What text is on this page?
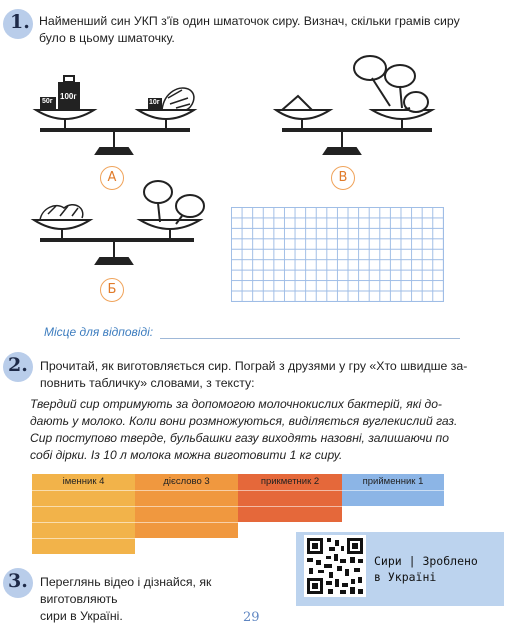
1. Найменший син УКП з'їв один шматочок сиру. Визнач, скільки грамів сиру
було в цьому шматочку.
50г
100г
10г
А	В
Б
Місце для відповіді:
2. Прочитай, як виготовляється сир. Пограй з друзями у гру «Хто швидше за-
повнить табличку» словами, з тексту:
Твердий сир отримують за допомогою молочнокислих бактерій, які до-
дають у молоко. Коли вони розмножуються, виділяється вуглекислий газ.
Сир поступово тверде, бульбашки газу виходять назовні, залишаючи по
собі дірки. Із 10 л молока можна виготовити 1 кг сиру.
іменник 4	дієслово 3	прикметник 2	прийменник 1
3. Переглянь відео і дізнайся, як виготовляють
сири в Україні.
Сири | Зроблено
в Україні
29
